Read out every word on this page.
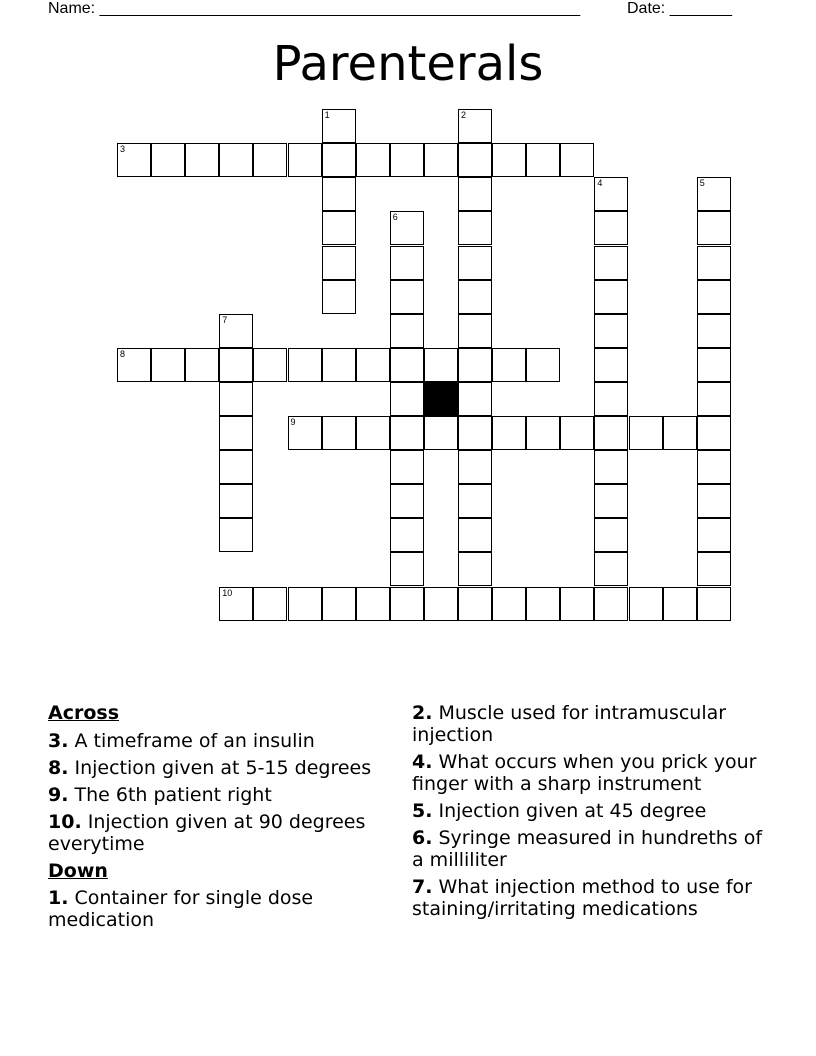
Name: ______________________________________________________	Date: _______
Parenterals
3
1	2
4	5
6
7
8
9
10
Across
3. A timeframe of an insulin
8. Injection given at 5-15 degrees
9. The 6th patient right
10. Injection given at 90 degrees everytime
Down
1. Container for single dose medication
2. Muscle used for intramuscular injection
4. What occurs when you prick your finger with a sharp instrument
5. Injection given at 45 degree
6. Syringe measured in hundreths of a milliliter
7. What injection method to use for staining/irritating medications
